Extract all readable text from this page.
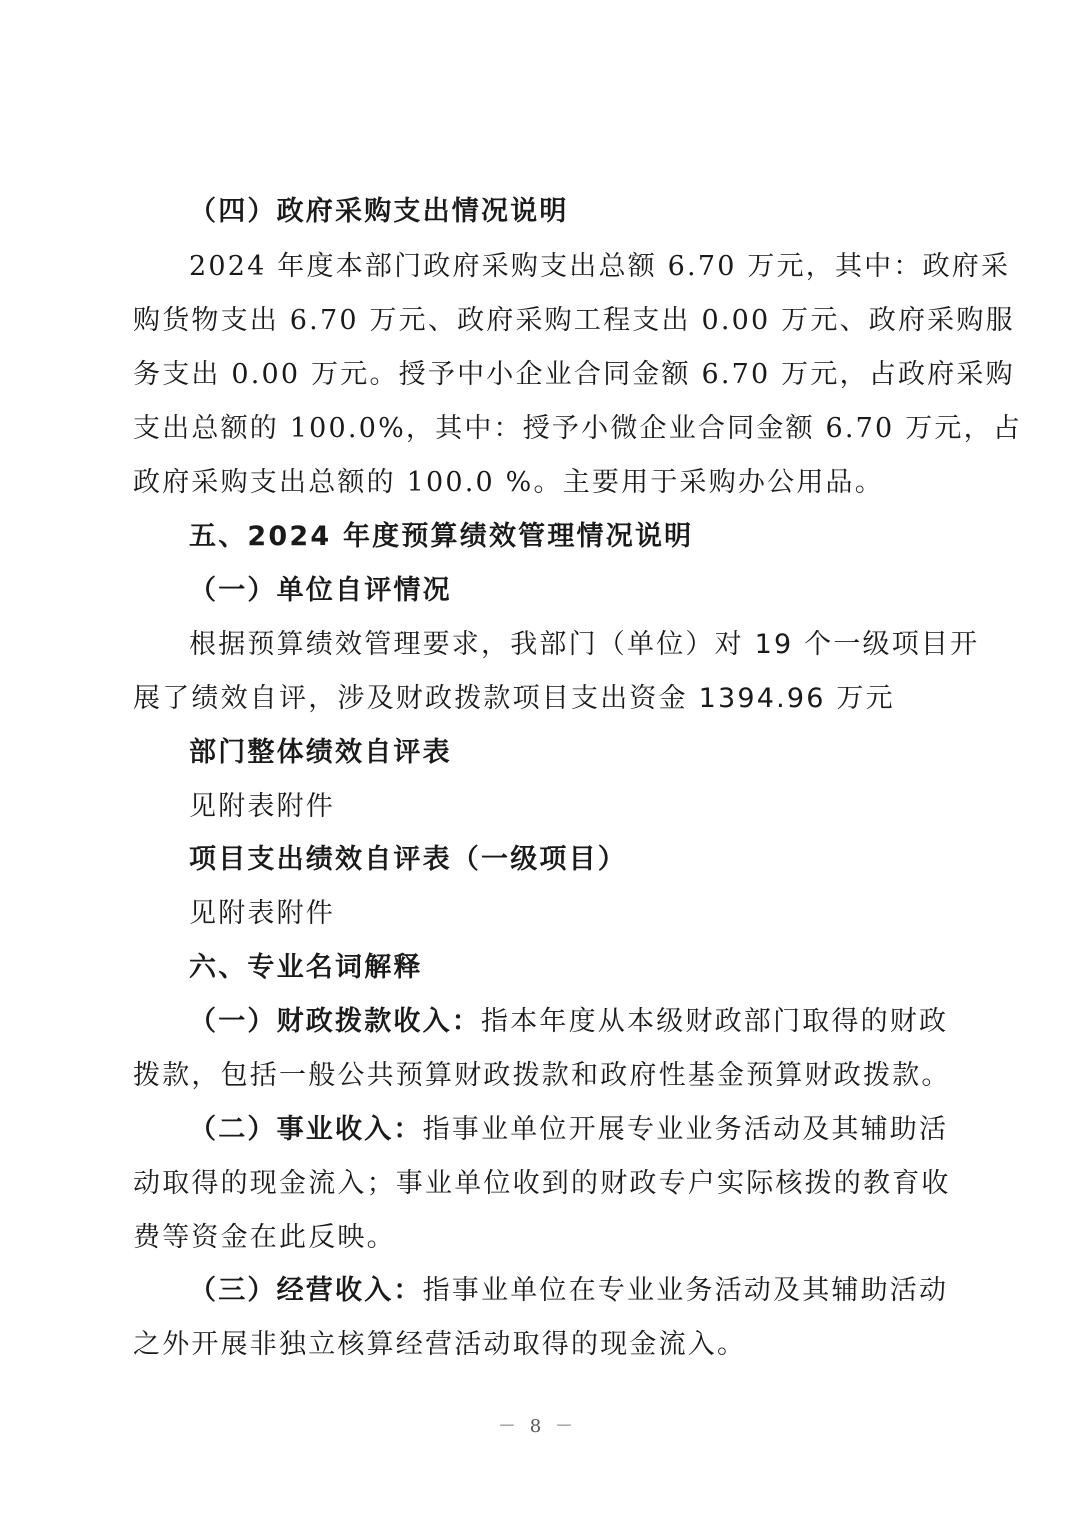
（四）政府采购支出情况说明
2024 年度本部门政府采购支出总额 6.70 万元，其中：政府采
购货物支出 6.70 万元、政府采购工程支出 0.00 万元、政府采购服
务支出 0.00 万元。授予中小企业合同金额 6.70 万元，占政府采购
支出总额的 100.0%，其中：授予小微企业合同金额 6.70 万元，占
政府采购支出总额的 100.0 %。主要用于采购办公用品。
五、2024 年度预算绩效管理情况说明
（一）单位自评情况
根据预算绩效管理要求，我部门（单位）对 19 个一级项目开
展了绩效自评，涉及财政拨款项目支出资金 1394.96 万元
部门整体绩效自评表
见附表附件
项目支出绩效自评表（一级项目）
见附表附件
六、专业名词解释
（一）财政拨款收入：指本年度从本级财政部门取得的财政
拨款，包括一般公共预算财政拨款和政府性基金预算财政拨款。
（二）事业收入：指事业单位开展专业业务活动及其辅助活
动取得的现金流入；事业单位收到的财政专户实际核拨的教育收
费等资金在此反映。
（三）经营收入：指事业单位在专业业务活动及其辅助活动
之外开展非独立核算经营活动取得的现金流入。
－ 8 －
